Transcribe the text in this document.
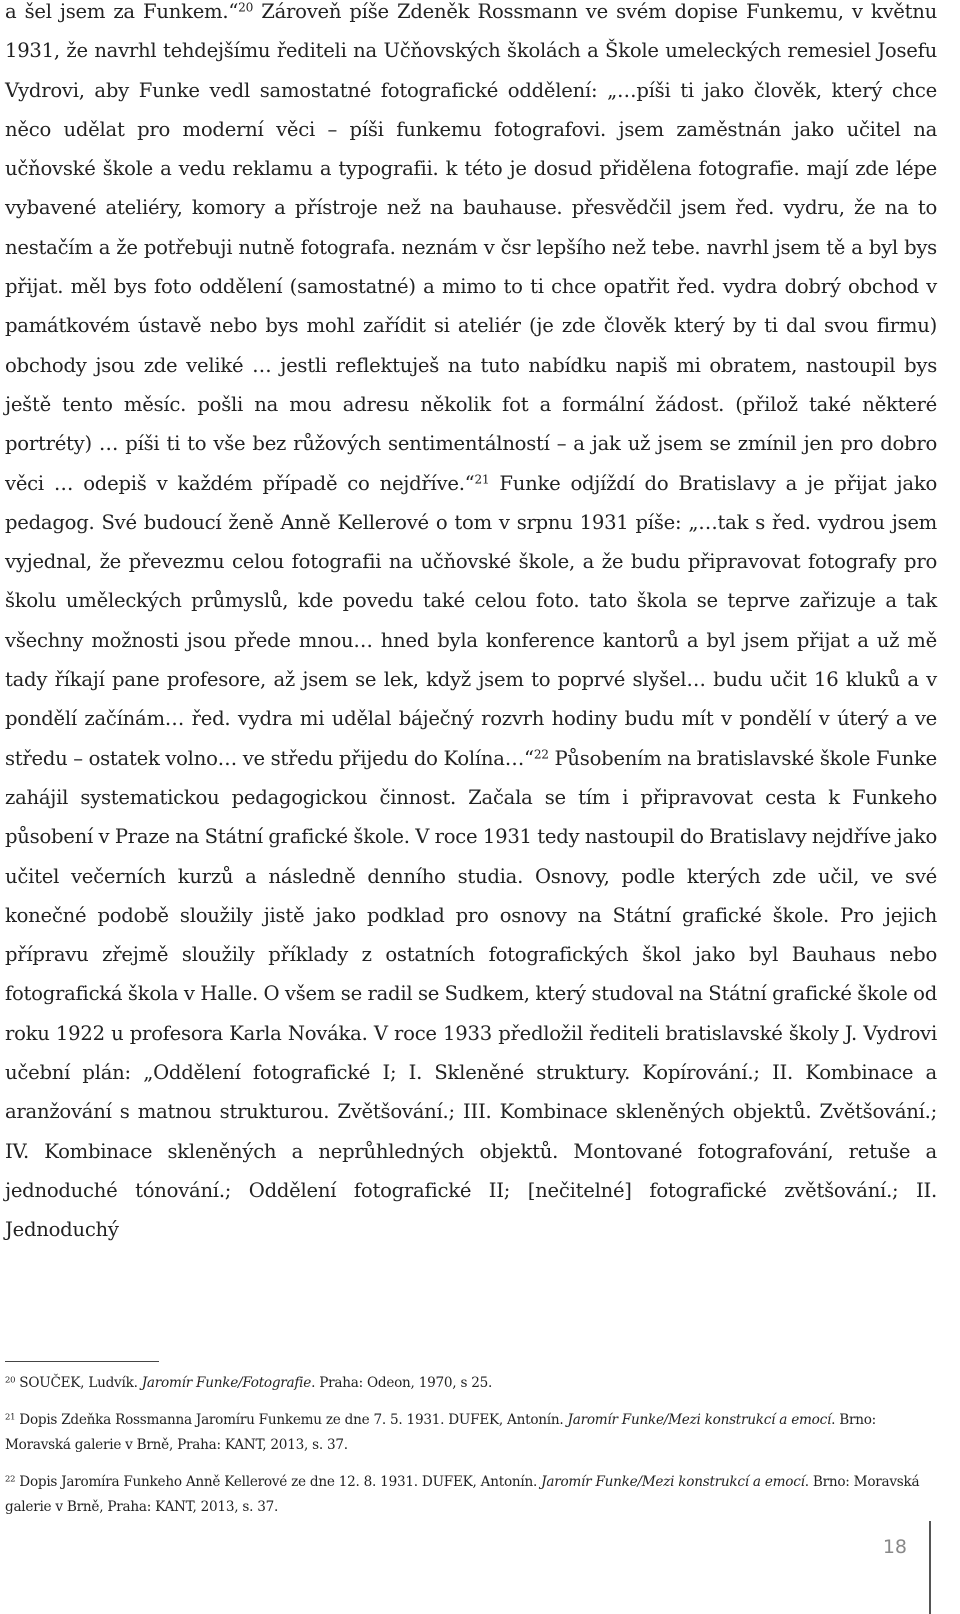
a šel jsem za Funkem.“$^{20}$ Zároveň píše Zdeněk Rossmann ve svém dopise Funkemu, v květnu 1931, že navrhl tehdejšímu řediteli na Učňovských školách a Škole umeleckých remesiel Josefu Vydrovi, aby Funke vedl samostatné fotografické oddělení: „…píši ti jako člověk, který chce něco udělat pro moderní věci – píši funkemu fotografovi. jsem zaměstnán jako učitel na učňovské škole a vedu reklamu a typografii. k této je dosud přidělena fotografie. mají zde lépe vybavené ateliéry, komory a přístroje než na bauhause. přesvědčil jsem řed. vydru, že na to nestačím a že potřebuji nutně fotografa. neznám v čsr lepšího než tebe. navrhl jsem tě a byl bys přijat. měl bys foto oddělení (samostatné) a mimo to ti chce opatřit řed. vydra dobrý obchod v památkovém ústavě nebo bys mohl zařídit si ateliér (je zde člověk který by ti dal svou firmu) obchody jsou zde veliké … jestli reflektuješ na tuto nabídku napiš mi obratem, nastoupil bys ještě tento měsíc. pošli na mou adresu několik fot a formální žádost. (přilož také některé portréty) … píši ti to vše bez růžových sentimentálností – a jak už jsem se zmínil jen pro dobro věci … odepiš v každém případě co nejdříve.“$^{21}$ Funke odjíždí do Bratislavy a je přijat jako pedagog. Své budoucí ženě Anně Kellerové o tom v srpnu 1931 píše: „…tak s řed. vydrou jsem vyjednal, že převezmu celou fotografii na učňovské škole, a že budu připravovat fotografy pro školu uměleckých průmyslů, kde povedu také celou foto. tato škola se teprve zařizuje a tak všechny možnosti jsou přede mnou… hned byla konference kantorů a byl jsem přijat a už mě tady říkají pane profesore, až jsem se lek, když jsem to poprvé slyšel… budu učit 16 kluků a v pondělí začínám… řed. vydra mi udělal báječný rozvrh hodiny budu mít v pondělí v úterý a ve středu – ostatek volno… ve středu přijedu do Kolína…“$^{22}$ Působením na bratislavské škole Funke zahájil systematickou pedagogickou činnost. Začala se tím i připravovat cesta k Funkeho působení v Praze na Státní grafické škole. V roce 1931 tedy nastoupil do Bratislavy nejdříve jako učitel večerních kurzů a následně denního studia. Osnovy, podle kterých zde učil, ve své konečné podobě sloužily jistě jako podklad pro osnovy na Státní grafické škole. Pro jejich přípravu zřejmě sloužily příklady z ostatních fotografických škol jako byl Bauhaus nebo fotografická škola v Halle. O všem se radil se Sudkem, který studoval na Státní grafické škole od roku 1922 u profesora Karla Nováka. V roce 1933 předložil řediteli bratislavské školy J. Vydrovi učební plán: „Oddělení fotografické I; I. Skleněné struktury. Kopírování.; II. Kombinace a aranžování s matnou strukturou. Zvětšování.; III. Kombinace skleněných objektů. Zvětšování.; IV. Kombinace skleněných a neprůhledných objektů. Montované fotografování, retuše a jednoduché tónování.; Oddělení fotografické II; [nečitelné] fotografické zvětšování.; II. Jednoduchý

$^{20}$ SOUČEK, Ludvík. Jaromír Funke/Fotografie. Praha: Odeon, 1970, s 25.

$^{21}$ Dopis Zdeňka Rossmanna Jaromíru Funkemu ze dne 7. 5. 1931. DUFEK, Antonín. Jaromír Funke/Mezi konstrukcí a emocí. Brno: Moravská galerie v Brně, Praha: KANT, 2013, s. 37.

$^{22}$ Dopis Jaromíra Funkeho Anně Kellerové ze dne 12. 8. 1931. DUFEK, Antonín. Jaromír Funke/Mezi konstrukcí a emocí. Brno: Moravská galerie v Brně, Praha: KANT, 2013, s. 37.

18
